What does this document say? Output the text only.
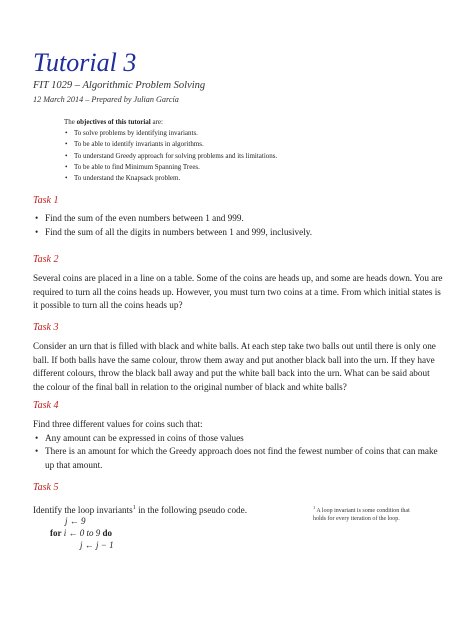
Tutorial 3
FIT 1029 – Algorithmic Problem Solving
12 March 2014 – Prepared by Julian García
The objectives of this tutorial are:
• To solve problems by identifying invariants.
• To be able to identify invariants in algorithms.
• To understand Greedy approach for solving problems and its limitations.
• To be able to find Minimum Spanning Trees.
• To understand the Knapsack problem.
Task 1
• Find the sum of the even numbers between 1 and 999.
• Find the sum of all the digits in numbers between 1 and 999, inclusively.
Task 2
Several coins are placed in a line on a table. Some of the coins are heads up, and some are heads down. You are required to turn all the coins heads up. However, you must turn two coins at a time. From which initial states is it possible to turn all the coins heads up?
Task 3
Consider an urn that is filled with black and white balls. At each step take two balls out until there is only one ball. If both balls have the same colour, throw them away and put another black ball into the urn. If they have different colours, throw the black ball away and put the white ball back into the urn. What can be said about the colour of the final ball in relation to the original number of black and white balls?
Task 4
Find three different values for coins such that:
• Any amount can be expressed in coins of those values
• There is an amount for which the Greedy approach does not find the fewest number of coins that can make up that amount.
Task 5
Identify the loop invariants$^1$ in the following pseudo code.
j ← 9
for i ← 0 to 9 do
j ← j − 1
$^1$ A loop invariant is some condition that holds for every iteration of the loop.
